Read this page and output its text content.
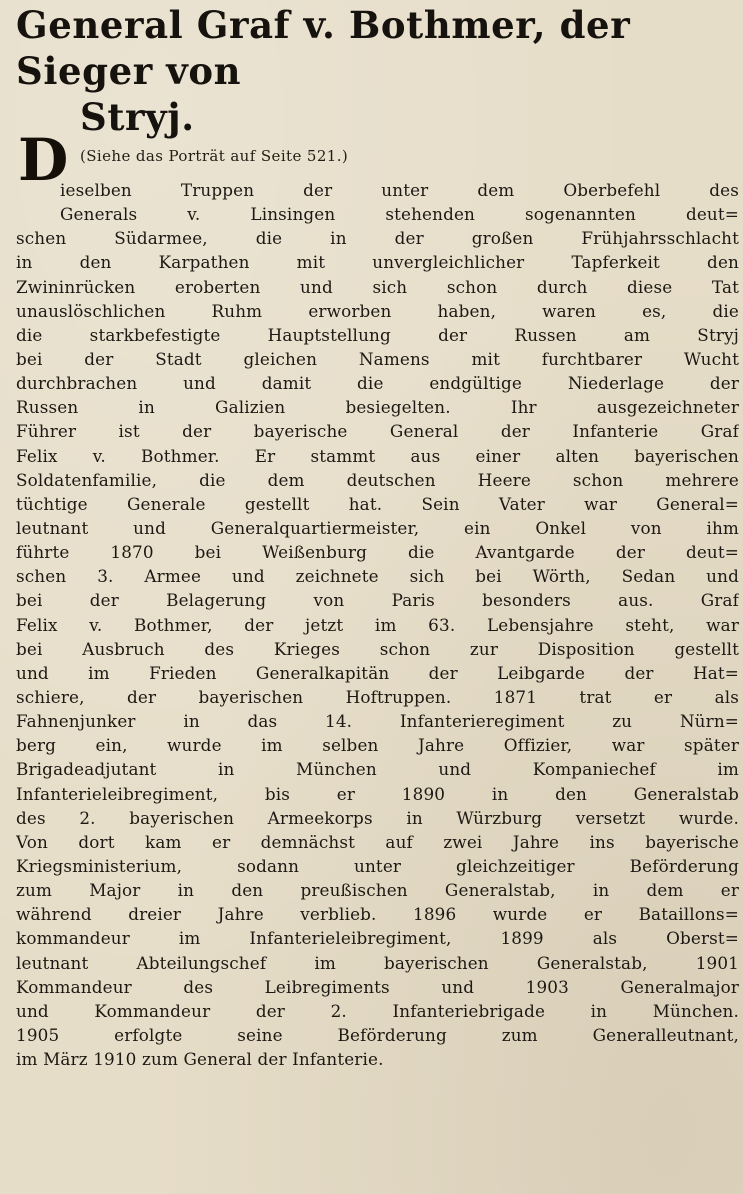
General Graf v. Bothmer, der Sieger von
Stryj.
(Siehe das Porträt auf Seite 521.)
D
ieselben Truppen der unter dem Oberbefehl des
Generals v. Linsingen stehenden sogenannten deut=
schen Südarmee, die in der großen Frühjahrsschlacht
in den Karpathen mit unvergleichlicher Tapferkeit den
Zwininrücken eroberten und sich schon durch diese Tat
unauslöschlichen Ruhm erworben haben, waren es, die
die starkbefestigte Hauptstellung der Russen am Stryj
bei der Stadt gleichen Namens mit furchtbarer Wucht
durchbrachen und damit die endgültige Niederlage der
Russen in Galizien besiegelten. Ihr ausgezeichneter
Führer ist der bayerische General der Infanterie Graf
Felix v. Bothmer. Er stammt aus einer alten bayerischen
Soldatenfamilie, die dem deutschen Heere schon mehrere
tüchtige Generale gestellt hat. Sein Vater war General=
leutnant und Generalquartiermeister, ein Onkel von ihm
führte 1870 bei Weißenburg die Avantgarde der deut=
schen 3. Armee und zeichnete sich bei Wörth, Sedan und
bei der Belagerung von Paris besonders aus. Graf
Felix v. Bothmer, der jetzt im 63. Lebensjahre steht, war
bei Ausbruch des Krieges schon zur Disposition gestellt
und im Frieden Generalkapitän der Leibgarde der Hat=
schiere, der bayerischen Hoftruppen. 1871 trat er als
Fahnenjunker in das 14. Infanterieregiment zu Nürn=
berg ein, wurde im selben Jahre Offizier, war später
Brigadeadjutant in München und Kompaniechef im
Infanterieleibregiment, bis er 1890 in den Generalstab
des 2. bayerischen Armeekorps in Würzburg versetzt wurde.
Von dort kam er demnächst auf zwei Jahre ins bayerische
Kriegsministerium, sodann unter gleichzeitiger Beförderung
zum Major in den preußischen Generalstab, in dem er
während dreier Jahre verblieb. 1896 wurde er Bataillons=
kommandeur im Infanterieleibregiment, 1899 als Oberst=
leutnant Abteilungschef im bayerischen Generalstab, 1901
Kommandeur des Leibregiments und 1903 Generalmajor
und Kommandeur der 2. Infanteriebrigade in München.
1905 erfolgte seine Beförderung zum Generalleutnant,
im März 1910 zum General der Infanterie.
